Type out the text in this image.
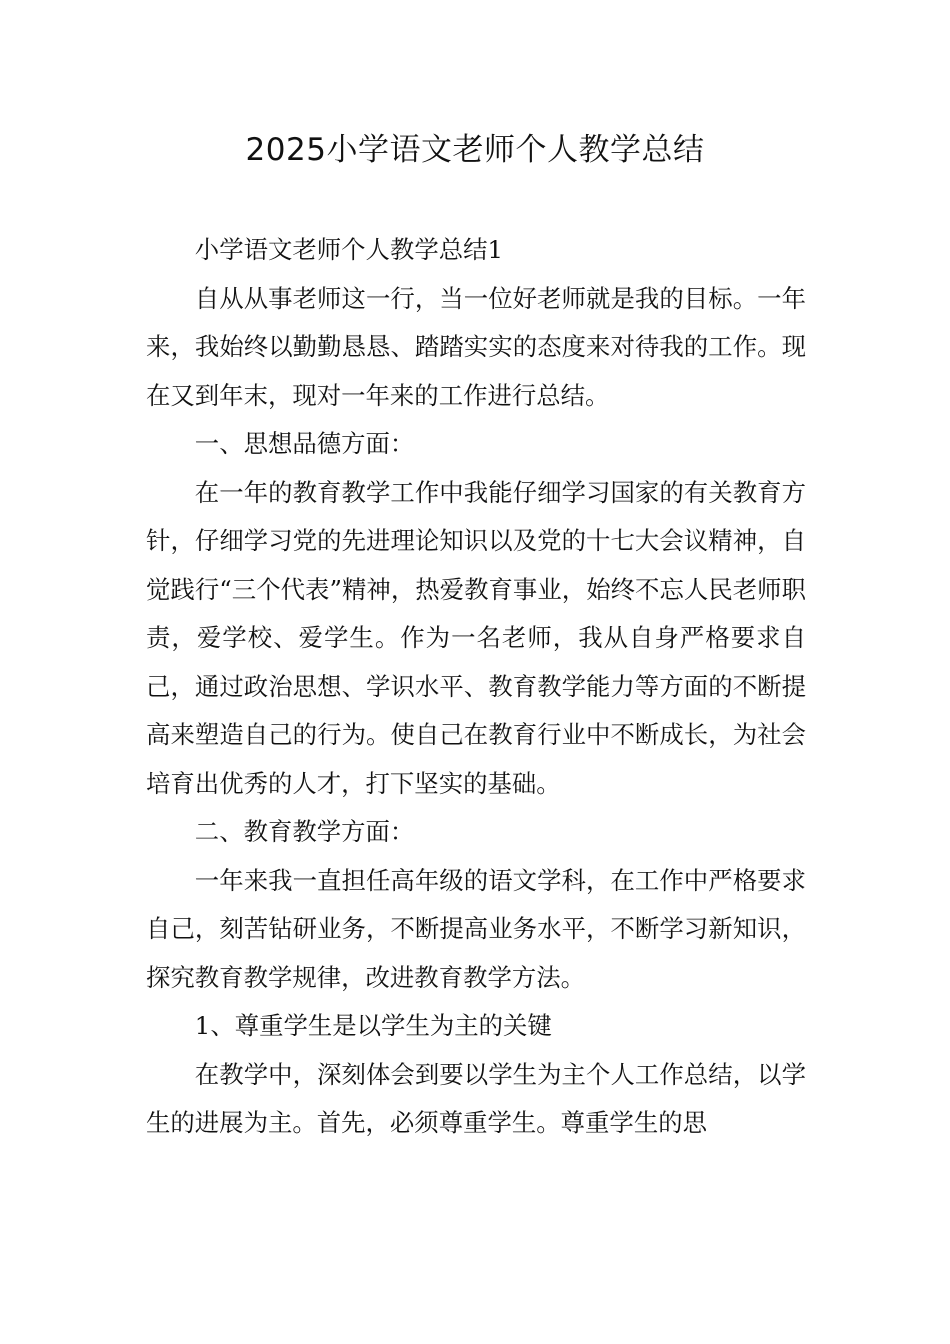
2025小学语文老师个人教学总结

小学语文老师个人教学总结1

自从从事老师这一行，当一位好老师就是我的目标。一年来，我始终以勤勤恳恳、踏踏实实的态度来对待我的工作。现在又到年末，现对一年来的工作进行总结。

一、思想品德方面：

在一年的教育教学工作中我能仔细学习国家的有关教育方针，仔细学习党的先进理论知识以及党的十七大会议精神，自觉践行“三个代表”精神，热爱教育事业，始终不忘人民老师职责，爱学校、爱学生。作为一名老师，我从自身严格要求自己，通过政治思想、学识水平、教育教学能力等方面的不断提高来塑造自己的行为。使自己在教育行业中不断成长，为社会培育出优秀的人才，打下坚实的基础。

二、教育教学方面：

一年来我一直担任高年级的语文学科，在工作中严格要求自己，刻苦钻研业务，不断提高业务水平，不断学习新知识，探究教育教学规律，改进教育教学方法。

1、尊重学生是以学生为主的关键

在教学中，深刻体会到要以学生为主个人工作总结，以学生的进展为主。首先，必须尊重学生。尊重学生的思
